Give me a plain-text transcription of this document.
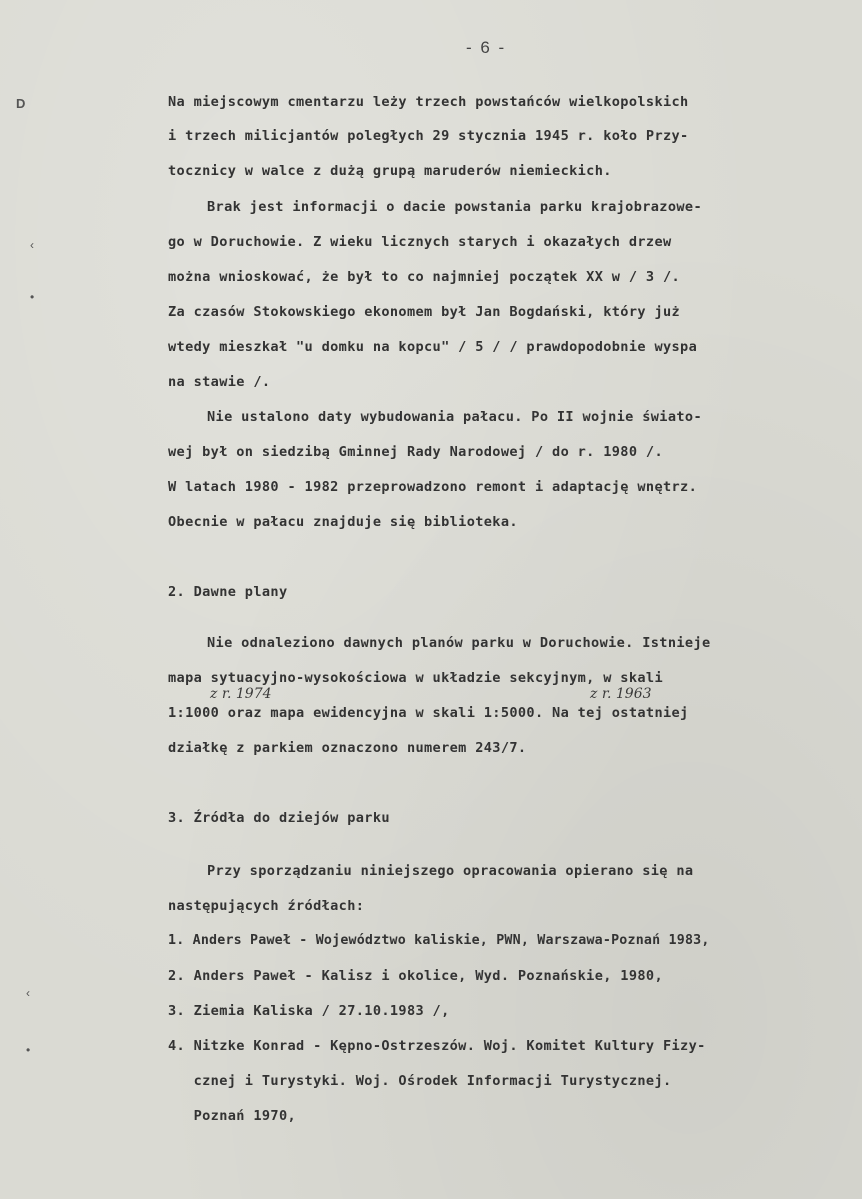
- 6 -
D
‹
•
‹
•
Na miejscowym cmentarzu leży trzech powstańców wielkopolskich
i trzech milicjantów poległych 29 stycznia 1945 r. koło Przy-
tocznicy w walce z dużą grupą maruderów niemieckich.
Brak jest informacji o dacie powstania parku krajobrazowe-
go w Doruchowie. Z wieku licznych starych i okazałych drzew
można wnioskować, że był to co najmniej początek XX w / 3 /.
Za czasów Stokowskiego ekonomem był Jan Bogdański, który już
wtedy mieszkał "u domku na kopcu" / 5 / / prawdopodobnie wyspa
na stawie /.
Nie ustalono daty wybudowania pałacu. Po II wojnie świato-
wej był on siedzibą Gminnej Rady Narodowej / do r. 1980 /.
W latach 1980 - 1982 przeprowadzono remont i adaptację wnętrz.
Obecnie w pałacu znajduje się biblioteka.
2. Dawne plany
Nie odnaleziono dawnych planów parku w Doruchowie. Istnieje
mapa sytuacyjno-wysokościowa w układzie sekcyjnym, w skali
z r. 1974	z r. 1963
1:1000 oraz mapa ewidencyjna w skali 1:5000. Na tej ostatniej
działkę z parkiem oznaczono numerem 243/7.
3. Źródła do dziejów parku
Przy sporządzaniu niniejszego opracowania opierano się na
następujących źródłach:
1. Anders Paweł - Województwo kaliskie, PWN, Warszawa-Poznań 1983,
2. Anders Paweł - Kalisz i okolice, Wyd. Poznańskie, 1980,
3. Ziemia Kaliska / 27.10.1983 /,
4. Nitzke Konrad - Kępno-Ostrzeszów. Woj. Komitet Kultury Fizy-
cznej i Turystyki. Woj. Ośrodek Informacji Turystycznej.
Poznań 1970,
